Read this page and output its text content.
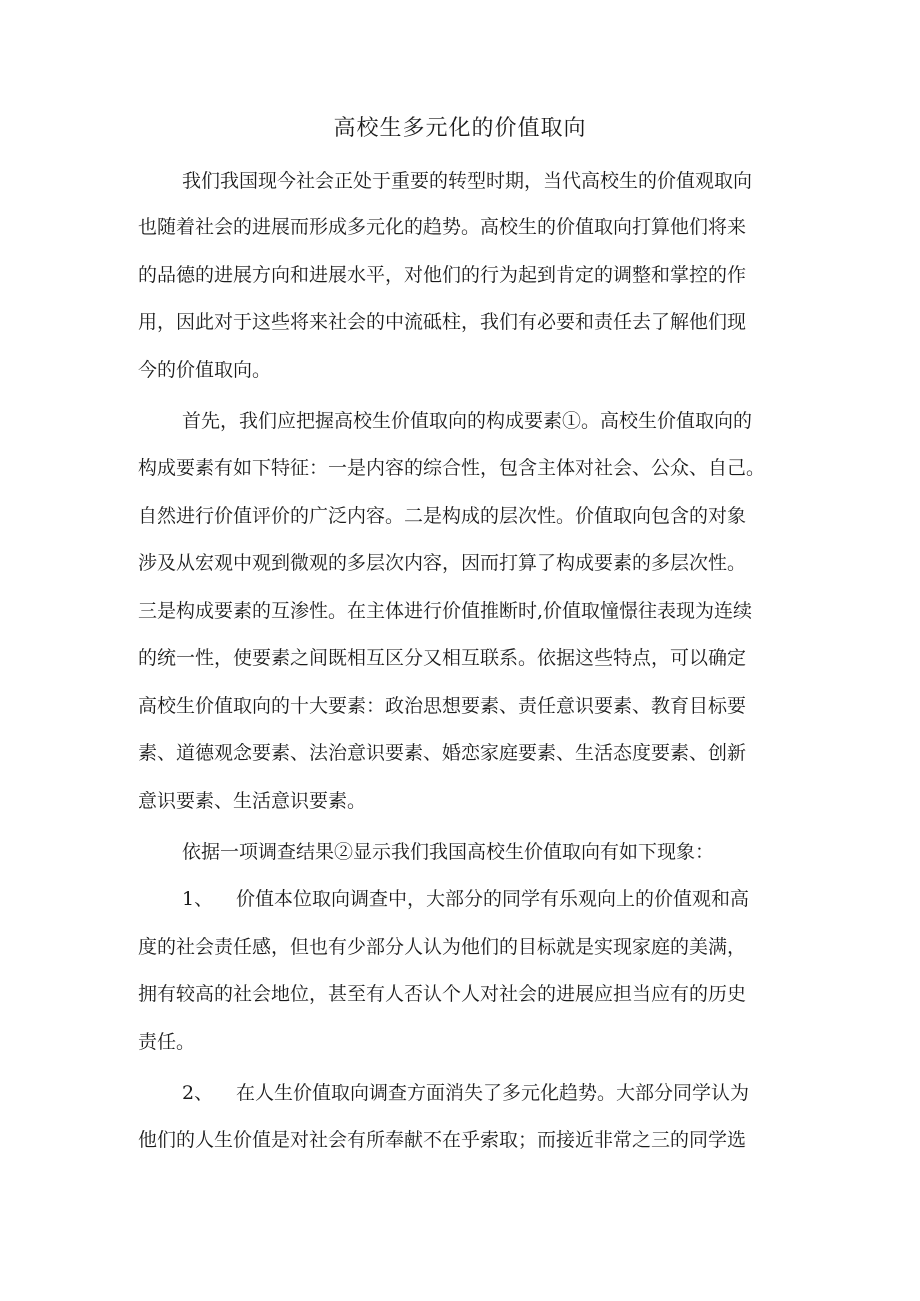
高校生多元化的价值取向
我们我国现今社会正处于重要的转型时期，当代高校生的价值观取向
也随着社会的进展而形成多元化的趋势。高校生的价值取向打算他们将来
的品德的进展方向和进展水平，对他们的行为起到肯定的调整和掌控的作
用，因此对于这些将来社会的中流砥柱，我们有必要和责任去了解他们现
今的价值取向。
首先，我们应把握高校生价值取向的构成要素①。高校生价值取向的
构成要素有如下特征：一是内容的综合性，包含主体对社会、公众、自己。
自然进行价值评价的广泛内容。二是构成的层次性。价值取向包含的对象
涉及从宏观中观到微观的多层次内容，因而打算了构成要素的多层次性。
三是构成要素的互渗性。在主体进行价值推断时,价值取憧憬往表现为连续
的统一性，使要素之间既相互区分又相互联系。依据这些特点，可以确定
高校生价值取向的十大要素：政治思想要素、责任意识要素、教育目标要
素、道德观念要素、法治意识要素、婚恋家庭要素、生活态度要素、创新
意识要素、生活意识要素。
依据一项调查结果②显示我们我国高校生价值取向有如下现象：
1、 价值本位取向调查中，大部分的同学有乐观向上的价值观和高
度的社会责任感，但也有少部分人认为他们的目标就是实现家庭的美满，
拥有较高的社会地位，甚至有人否认个人对社会的进展应担当应有的历史
责任。
2、 在人生价值取向调查方面消失了多元化趋势。大部分同学认为
他们的人生价值是对社会有所奉献不在乎索取；而接近非常之三的同学选
